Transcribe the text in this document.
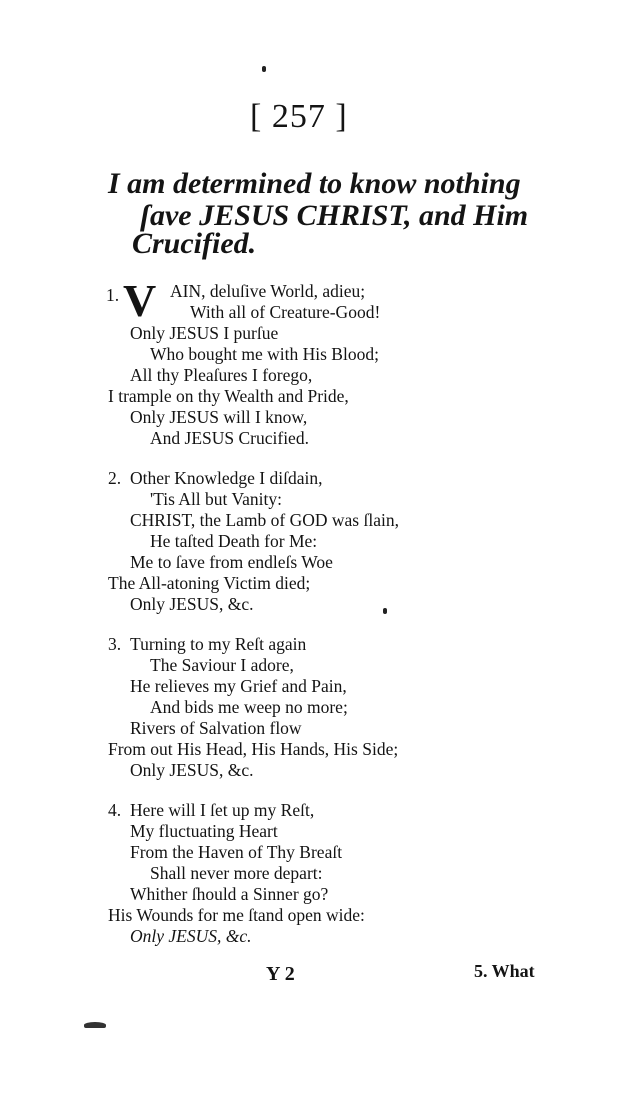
[ 257 ]
I am determined to know nothing
ſave JESUS CHRIST, and Him
Crucified.
1. V AIN, deluſive World, adieu;
With all of Creature-Good!
Only JESUS I purſue
Who bought me with His Blood;
All thy Pleaſures I forego,
I trample on thy Wealth and Pride,
Only JESUS will I know,
And JESUS Crucified.
2. Other Knowledge I diſdain,
'Tis All but Vanity:
CHRIST, the Lamb of GOD was ſlain,
He taſted Death for Me:
Me to ſave from endleſs Woe
The All-atoning Victim died;
Only JESUS, &c.
3. Turning to my Reſt again
The Saviour I adore,
He relieves my Grief and Pain,
And bids me weep no more;
Rivers of Salvation flow
From out His Head, His Hands, His Side;
Only JESUS, &c.
4. Here will I ſet up my Reſt,
My fluctuating Heart
From the Haven of Thy Breaſt
Shall never more depart:
Whither ſhould a Sinner go?
His Wounds for me ſtand open wide:
Only JESUS, &c.
Y 2	5. What
